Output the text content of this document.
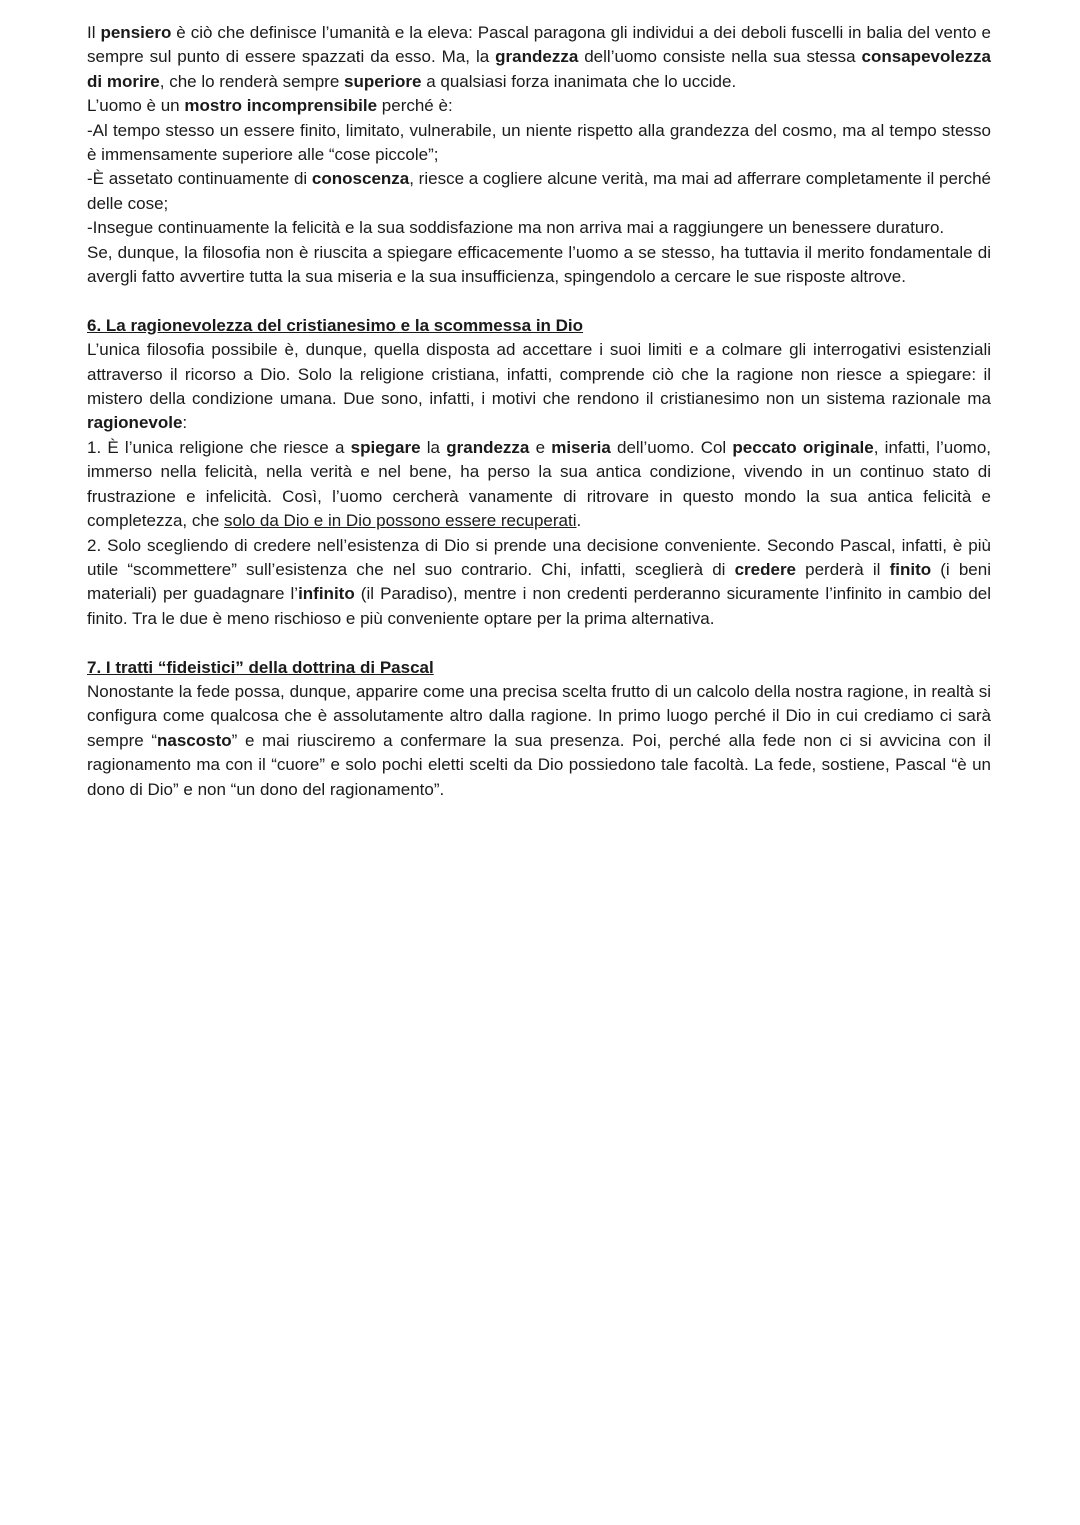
Il pensiero è ciò che definisce l’umanità e la eleva: Pascal paragona gli individui a dei deboli fuscelli in balia del vento e sempre sul punto di essere spazzati da esso. Ma, la grandezza dell’uomo consiste nella sua stessa consapevolezza di morire, che lo renderà sempre superiore a qualsiasi forza inanimata che lo uccide.

L’uomo è un mostro incomprensibile perché è:

-Al tempo stesso un essere finito, limitato, vulnerabile, un niente rispetto alla grandezza del cosmo, ma al tempo stesso è immensamente superiore alle “cose piccole”;

-È assetato continuamente di conoscenza, riesce a cogliere alcune verità, ma mai ad afferrare completamente il perché delle cose;

-Insegue continuamente la felicità e la sua soddisfazione ma non arriva mai a raggiungere un benessere duraturo.

Se, dunque, la filosofia non è riuscita a spiegare efficacemente l’uomo a se stesso, ha tuttavia il merito fondamentale di avergli fatto avvertire tutta la sua miseria e la sua insufficienza, spingendolo a cercare le sue risposte altrove.

6. La ragionevolezza del cristianesimo e la scommessa in Dio

L’unica filosofia possibile è, dunque, quella disposta ad accettare i suoi limiti e a colmare gli interrogativi esistenziali attraverso il ricorso a Dio. Solo la religione cristiana, infatti, comprende ciò che la ragione non riesce a spiegare: il mistero della condizione umana. Due sono, infatti, i motivi che rendono il cristianesimo non un sistema razionale ma ragionevole:

1. È l’unica religione che riesce a spiegare la grandezza e miseria dell’uomo. Col peccato originale, infatti, l’uomo, immerso nella felicità, nella verità e nel bene, ha perso la sua antica condizione, vivendo in un continuo stato di frustrazione e infelicità. Così, l’uomo cercherà vanamente di ritrovare in questo mondo la sua antica felicità e completezza, che solo da Dio e in Dio possono essere recuperati.

2. Solo scegliendo di credere nell’esistenza di Dio si prende una decisione conveniente. Secondo Pascal, infatti, è più utile “scommettere” sull’esistenza che nel suo contrario. Chi, infatti, sceglierà di credere perderà il finito (i beni materiali) per guadagnare l’infinito (il Paradiso), mentre i non credenti perderanno sicuramente l’infinito in cambio del finito. Tra le due è meno rischioso e più conveniente optare per la prima alternativa.

7. I tratti “fideistici” della dottrina di Pascal

Nonostante la fede possa, dunque, apparire come una precisa scelta frutto di un calcolo della nostra ragione, in realtà si configura come qualcosa che è assolutamente altro dalla ragione. In primo luogo perché il Dio in cui crediamo ci sarà sempre “nascosto” e mai riusciremo a confermare la sua presenza. Poi, perché alla fede non ci si avvicina con il ragionamento ma con il “cuore” e solo pochi eletti scelti da Dio possiedono tale facoltà. La fede, sostiene, Pascal “è un dono di Dio” e non “un dono del ragionamento”.
